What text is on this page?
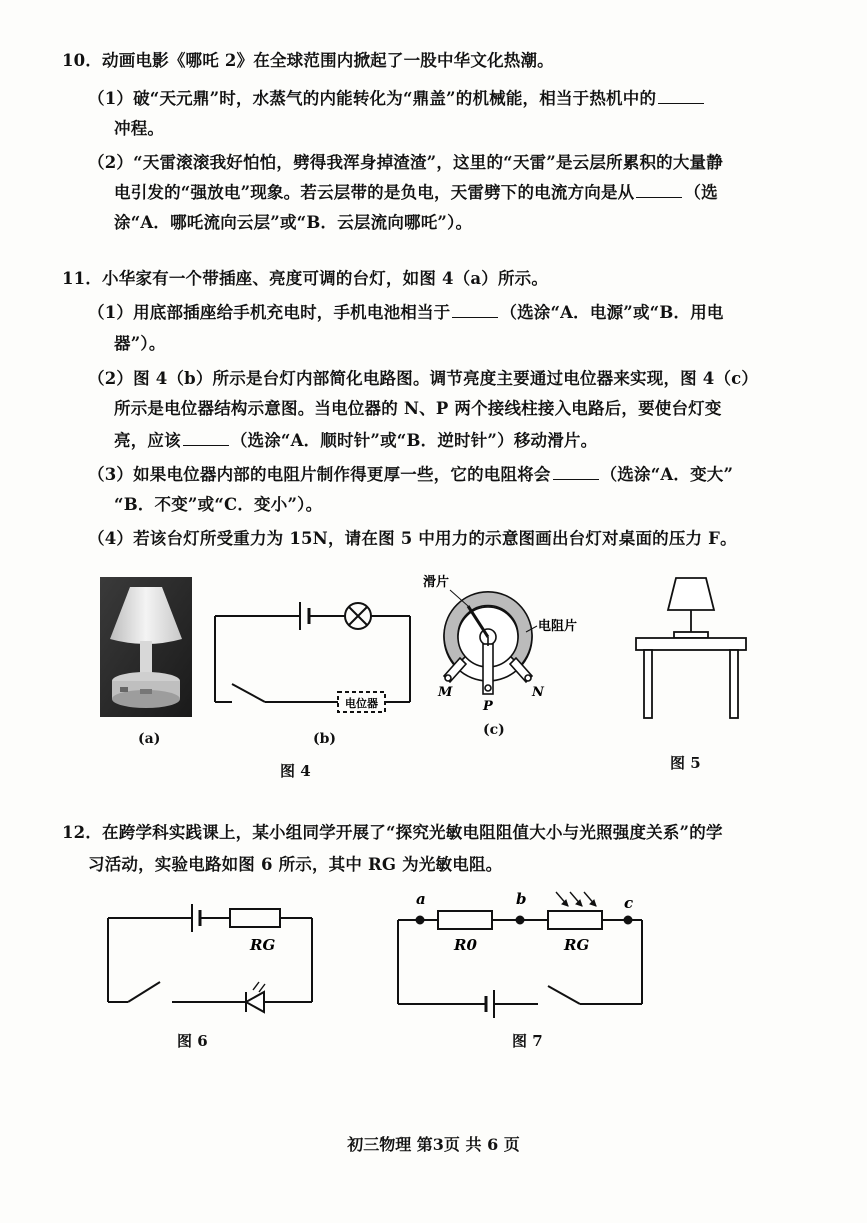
10．动画电影《哪吒 2》在全球范围内掀起了一股中华文化热潮。
（1）破“天元鼎”时，水蒸气的内能转化为“鼎盖”的机械能，相当于热机中的
冲程。
（2）“天雷滚滚我好怕怕，劈得我浑身掉渣渣”，这里的“天雷”是云层所累积的大量静
电引发的“强放电”现象。若云层带的是负电，天雷劈下的电流方向是从	（选
涂“A．哪吒流向云层”或“B．云层流向哪吒”）。
11．小华家有一个带插座、亮度可调的台灯，如图 4（a）所示。
（1）用底部插座给手机充电时，手机电池相当于	（选涂“A．电源”或“B．用电
器”）。
（2）图 4（b）所示是台灯内部简化电路图。调节亮度主要通过电位器来实现，图 4（c）
所示是电位器结构示意图。当电位器的 N、P 两个接线柱接入电路后，要使台灯变
亮，应该	（选涂“A．顺时针”或“B．逆时针”）移动滑片。
（3）如果电位器内部的电阻片制作得更厚一些，它的电阻将会	（选涂“A．变大”
“B．不变”或“C．变小”）。
（4）若该台灯所受重力为 15N，请在图 5 中用力的示意图画出台灯对桌面的压力 F。
(a)
电位器
(b)
滑片
电阻片
M
P
N
(c)
图 4	图 5
12．在跨学科实践课上，某小组同学开展了“探究光敏电阻阻值大小与光照强度关系”的学
习活动，实验电路如图 6 所示，其中 RG 为光敏电阻。
RG
图 6
a	b	c
R0	RG
图 7
初三物理 第3页 共 6 页
